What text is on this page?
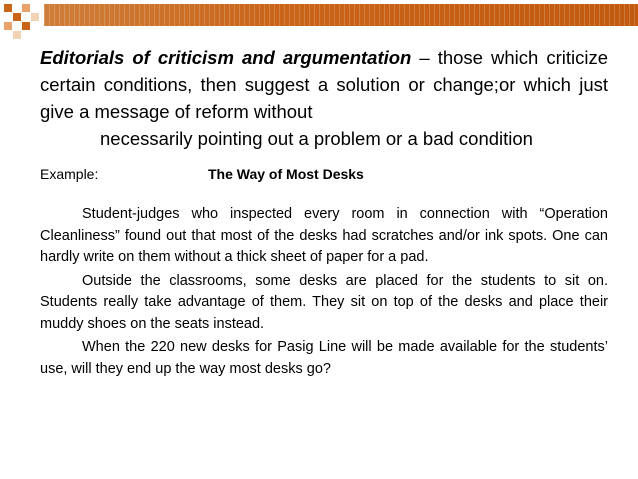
Editorials of criticism and argumentation – those which criticize certain conditions, then suggest a solution or change;or which just give a message of reform without
necessarily pointing out a problem or a bad condition

Example:	The Way of Most Desks

Student-judges who inspected every room in connection with “Operation Cleanliness” found out that most of the desks had scratches and/or ink spots. One can hardly write on them without a thick sheet of paper for a pad.

Outside the classrooms, some desks are placed for the students to sit on. Students really take advantage of them. They sit on top of the desks and place their muddy shoes on the seats instead.

When the 220 new desks for Pasig Line will be made available for the students’ use, will they end up the way most desks go?
